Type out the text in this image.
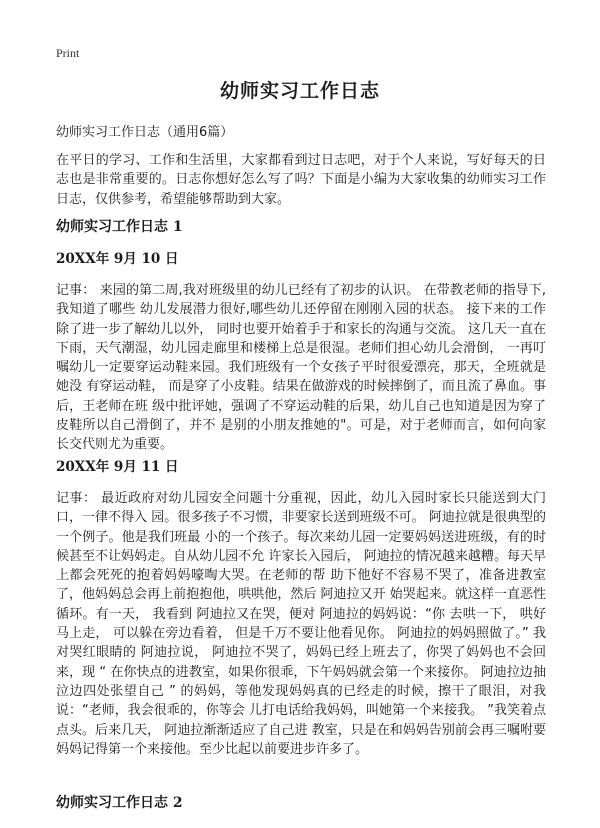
Print
幼师实习工作日志
幼师实习工作日志（通用6篇）

在平日的学习、工作和生活里，大家都看到过日志吧，对于个人来说，写好每天的日志也是非常重要的。日志你想好怎么写了吗？下面是小编为大家收集的幼师实习工作日志，仅供参考，希望能够帮助到大家。

幼师实习工作日志 1
20XX年 9月 10 日

记事： 来园的第二周,我对班级里的幼儿已经有了初步的认识。 在带教老师的指导下,我知道了哪些 幼儿发展潜力很好,哪些幼儿还停留在刚刚入园的状态。 接下来的工作除了进一步了解幼儿以外， 同时也要开始着手于和家长的沟通与交流。 这几天一直在下雨，天气潮湿，幼儿园走廊里和楼梯上总是很湿。老师们担心幼儿会滑倒， 一再叮嘱幼儿一定要穿运动鞋来园。我们班级有一个女孩子平时很爱漂亮，那天，全班就是她没 有穿运动鞋， 而是穿了小皮鞋。结果在做游戏的时候摔倒了，而且流了鼻血。事后，王老师在班 级中批评她，强调了不穿运动鞋的后果，幼儿自己也知道是因为穿了皮鞋所以自己滑倒了，并不 是别的小朋友推她的"。可是，对于老师而言，如何向家长交代则尤为重要。

20XX年 9月 11 日

记事： 最近政府对幼儿园安全问题十分重视，因此，幼儿入园时家长只能送到大门口，一律不得入 园。很多孩子不习惯，非要家长送到班级不可。 阿迪拉就是很典型的一个例子。他是我们班最 小的一个孩子。每次来幼儿园一定要妈妈送进班级，有的时候甚至不让妈妈走。自从幼儿园不允 许家长入园后， 阿迪拉的情况越来越糟。每天早上都会死死的抱着妈妈嚎啕大哭。在老师的帮 助下他好不容易不哭了，准备进教室了，他妈妈总会再上前抱抱他，哄哄他，然后 阿迪拉又开 始哭起来。就这样一直恶性循环。有一天， 我看到 阿迪拉又在哭，便对 阿迪拉的妈妈说：“你 去哄一下， 哄好马上走， 可以躲在旁边看着， 但是千万不要让他看见你。 阿迪拉的妈妈照做了。” 我对哭红眼睛的 阿迪拉说， 阿迪拉不哭了，妈妈已经上班去了，你哭了妈妈也不会回来，现 “ 在你快点的进教室，如果你很乖，下午妈妈就会第一个来接你。 阿迪拉边抽泣边四处张望自己 ” 的妈妈，等他发现妈妈真的已经走的时候，擦干了眼泪，对我说：“老师，我会很乖的，你等会 儿打电话给我妈妈，叫她第一个来接我。 ”我笑着点点头。后来几天， 阿迪拉渐渐适应了自己进 教室，只是在和妈妈告别前会再三嘱咐要妈妈记得第一个来接他。至少比起以前要进步许多了。

幼师实习工作日志 2
